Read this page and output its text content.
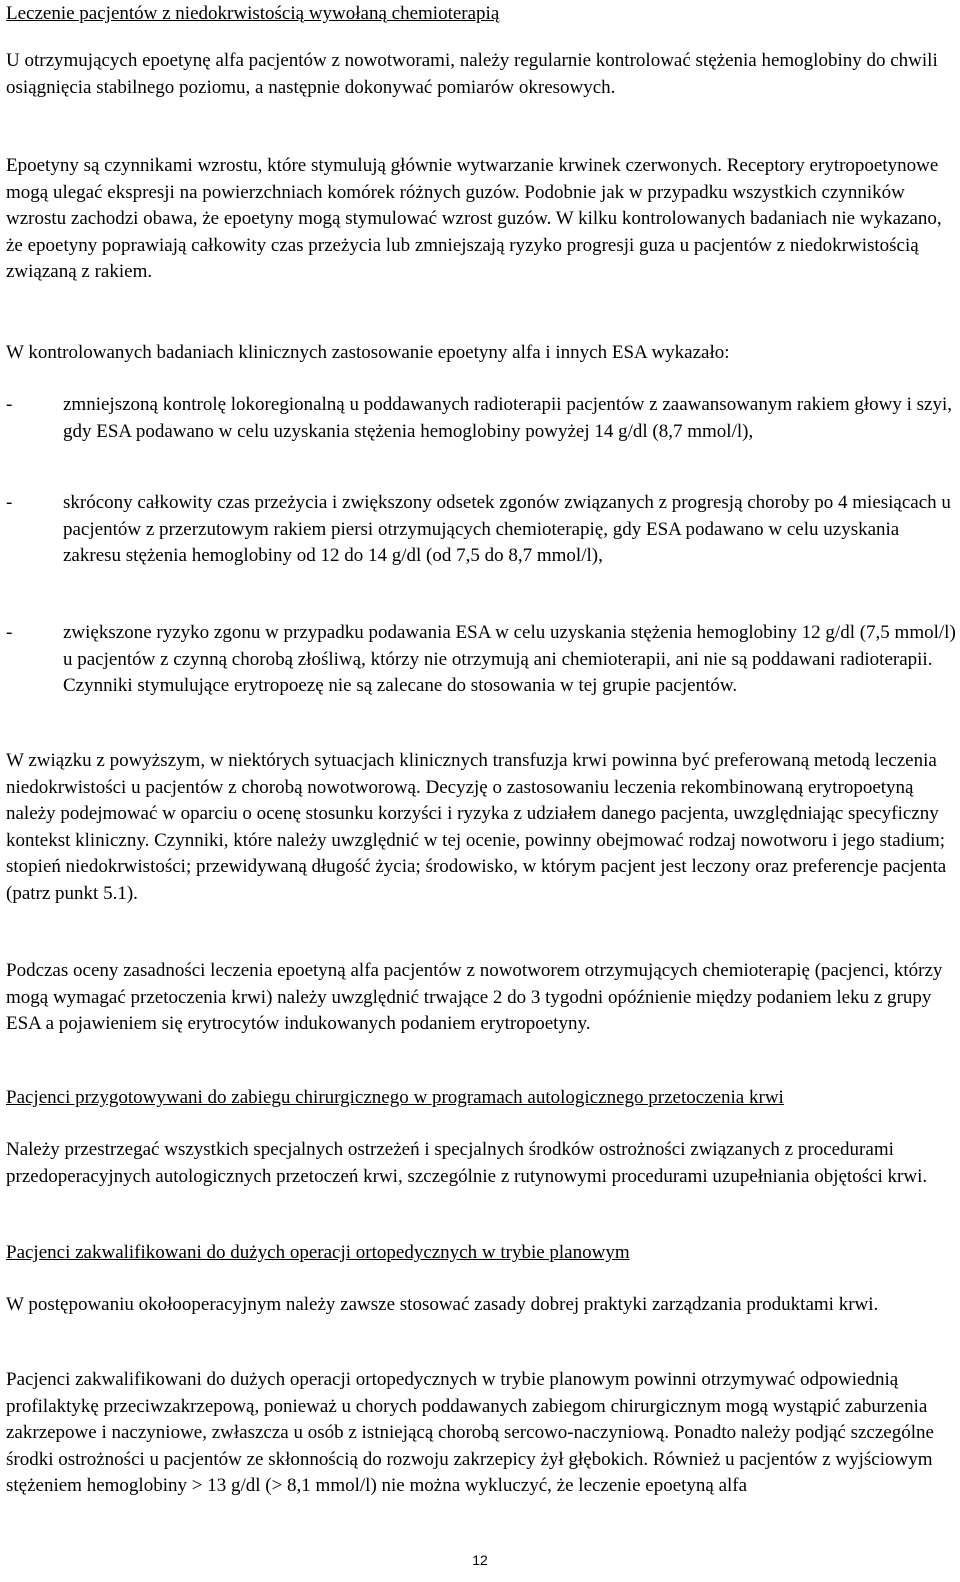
Leczenie pacjentów z niedokrwistością wywołaną chemioterapią

U otrzymujących epoetynę alfa pacjentów z nowotworami, należy regularnie kontrolować stężenia hemoglobiny do chwili osiągnięcia stabilnego poziomu, a następnie dokonywać pomiarów okresowych.

Epoetyny są czynnikami wzrostu, które stymulują głównie wytwarzanie krwinek czerwonych. Receptory erytropoetynowe mogą ulegać ekspresji na powierzchniach komórek różnych guzów. Podobnie jak w przypadku wszystkich czynników wzrostu zachodzi obawa, że epoetyny mogą stymulować wzrost guzów. W kilku kontrolowanych badaniach nie wykazano, że epoetyny poprawiają całkowity czas przeżycia lub zmniejszają ryzyko progresji guza u pacjentów z niedokrwistością związaną z rakiem.

W kontrolowanych badaniach klinicznych zastosowanie epoetyny alfa i innych ESA wykazało:

-	zmniejszoną kontrolę lokoregionalną u poddawanych radioterapii pacjentów z zaawansowanym rakiem głowy i szyi, gdy ESA podawano w celu uzyskania stężenia hemoglobiny powyżej 14 g/dl (8,7 mmol/l),

-	skrócony całkowity czas przeżycia i zwiększony odsetek zgonów związanych z progresją choroby po 4 miesiącach u pacjentów z przerzutowym rakiem piersi otrzymujących chemioterapię, gdy ESA podawano w celu uzyskania zakresu stężenia hemoglobiny od 12 do 14 g/dl (od 7,5 do 8,7 mmol/l),

-	zwiększone ryzyko zgonu w przypadku podawania ESA w celu uzyskania stężenia hemoglobiny 12 g/dl (7,5 mmol/l) u pacjentów z czynną chorobą złośliwą, którzy nie otrzymują ani chemioterapii, ani nie są poddawani radioterapii. Czynniki stymulujące erytropoezę nie są zalecane do stosowania w tej grupie pacjentów.

W związku z powyższym, w niektórych sytuacjach klinicznych transfuzja krwi powinna być preferowaną metodą leczenia niedokrwistości u pacjentów z chorobą nowotworową. Decyzję o zastosowaniu leczenia rekombinowaną erytropoetyną należy podejmować w oparciu o ocenę stosunku korzyści i ryzyka z udziałem danego pacjenta, uwzględniając specyficzny kontekst kliniczny. Czynniki, które należy uwzględnić w tej ocenie, powinny obejmować rodzaj nowotworu i jego stadium; stopień niedokrwistości; przewidywaną długość życia; środowisko, w którym pacjent jest leczony oraz preferencje pacjenta (patrz punkt 5.1).

Podczas oceny zasadności leczenia epoetyną alfa pacjentów z nowotworem otrzymujących chemioterapię (pacjenci, którzy mogą wymagać przetoczenia krwi) należy uwzględnić trwające 2 do 3 tygodni opóźnienie między podaniem leku z grupy ESA a pojawieniem się erytrocytów indukowanych podaniem erytropoetyny.

Pacjenci przygotowywani do zabiegu chirurgicznego w programach autologicznego przetoczenia krwi

Należy przestrzegać wszystkich specjalnych ostrzeżeń i specjalnych środków ostrożności związanych z procedurami przedoperacyjnych autologicznych przetoczeń krwi, szczególnie z rutynowymi procedurami uzupełniania objętości krwi.

Pacjenci zakwalifikowani do dużych operacji ortopedycznych w trybie planowym

W postępowaniu okołooperacyjnym należy zawsze stosować zasady dobrej praktyki zarządzania produktami krwi.

Pacjenci zakwalifikowani do dużych operacji ortopedycznych w trybie planowym powinni otrzymywać odpowiednią profilaktykę przeciwzakrzepową, ponieważ u chorych poddawanych zabiegom chirurgicznym mogą wystąpić zaburzenia zakrzepowe i naczyniowe, zwłaszcza u osób z istniejącą chorobą sercowo-naczyniową. Ponadto należy podjąć szczególne środki ostrożności u pacjentów ze skłonnością do rozwoju zakrzepicy żył głębokich. Również u pacjentów z wyjściowym stężeniem hemoglobiny > 13 g/dl (> 8,1 mmol/l) nie można wykluczyć, że leczenie epoetyną alfa

12
